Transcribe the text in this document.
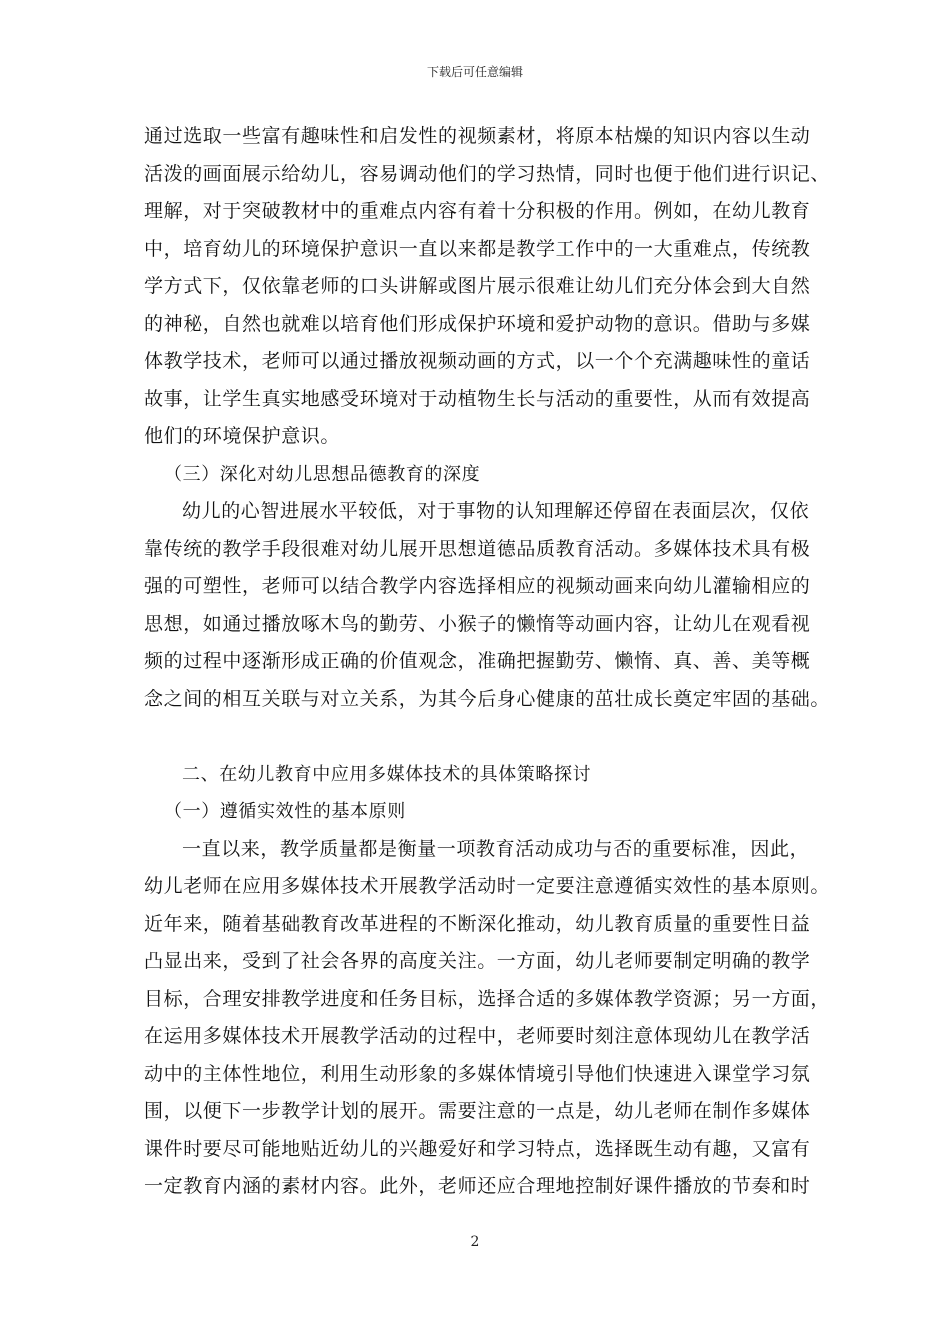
下载后可任意编辑
通过选取一些富有趣味性和启发性的视频素材，将原本枯燥的知识内容以生动
活泼的画面展示给幼儿，容易调动他们的学习热情，同时也便于他们进行识记、
理解，对于突破教材中的重难点内容有着十分积极的作用。例如，在幼儿教育
中，培育幼儿的环境保护意识一直以来都是教学工作中的一大重难点，传统教
学方式下，仅依靠老师的口头讲解或图片展示很难让幼儿们充分体会到大自然
的神秘，自然也就难以培育他们形成保护环境和爱护动物的意识。借助与多媒
体教学技术，老师可以通过播放视频动画的方式，以一个个充满趣味性的童话
故事，让学生真实地感受环境对于动植物生长与活动的重要性，从而有效提高
他们的环境保护意识。
（三）深化对幼儿思想品德教育的深度
幼儿的心智进展水平较低，对于事物的认知理解还停留在表面层次，仅依
靠传统的教学手段很难对幼儿展开思想道德品质教育活动。多媒体技术具有极
强的可塑性，老师可以结合教学内容选择相应的视频动画来向幼儿灌输相应的
思想，如通过播放啄木鸟的勤劳、小猴子的懒惰等动画内容，让幼儿在观看视
频的过程中逐渐形成正确的价值观念，准确把握勤劳、懒惰、真、善、美等概
念之间的相互关联与对立关系，为其今后身心健康的茁壮成长奠定牢固的基础。
二、在幼儿教育中应用多媒体技术的具体策略探讨
（一）遵循实效性的基本原则
一直以来，教学质量都是衡量一项教育活动成功与否的重要标准，因此，
幼儿老师在应用多媒体技术开展教学活动时一定要注意遵循实效性的基本原则。
近年来，随着基础教育改革进程的不断深化推动，幼儿教育质量的重要性日益
凸显出来，受到了社会各界的高度关注。一方面，幼儿老师要制定明确的教学
目标，合理安排教学进度和任务目标，选择合适的多媒体教学资源；另一方面，
在运用多媒体技术开展教学活动的过程中，老师要时刻注意体现幼儿在教学活
动中的主体性地位，利用生动形象的多媒体情境引导他们快速进入课堂学习氛
围，以便下一步教学计划的展开。需要注意的一点是，幼儿老师在制作多媒体
课件时要尽可能地贴近幼儿的兴趣爱好和学习特点，选择既生动有趣，又富有
一定教育内涵的素材内容。此外，老师还应合理地控制好课件播放的节奏和时
2
